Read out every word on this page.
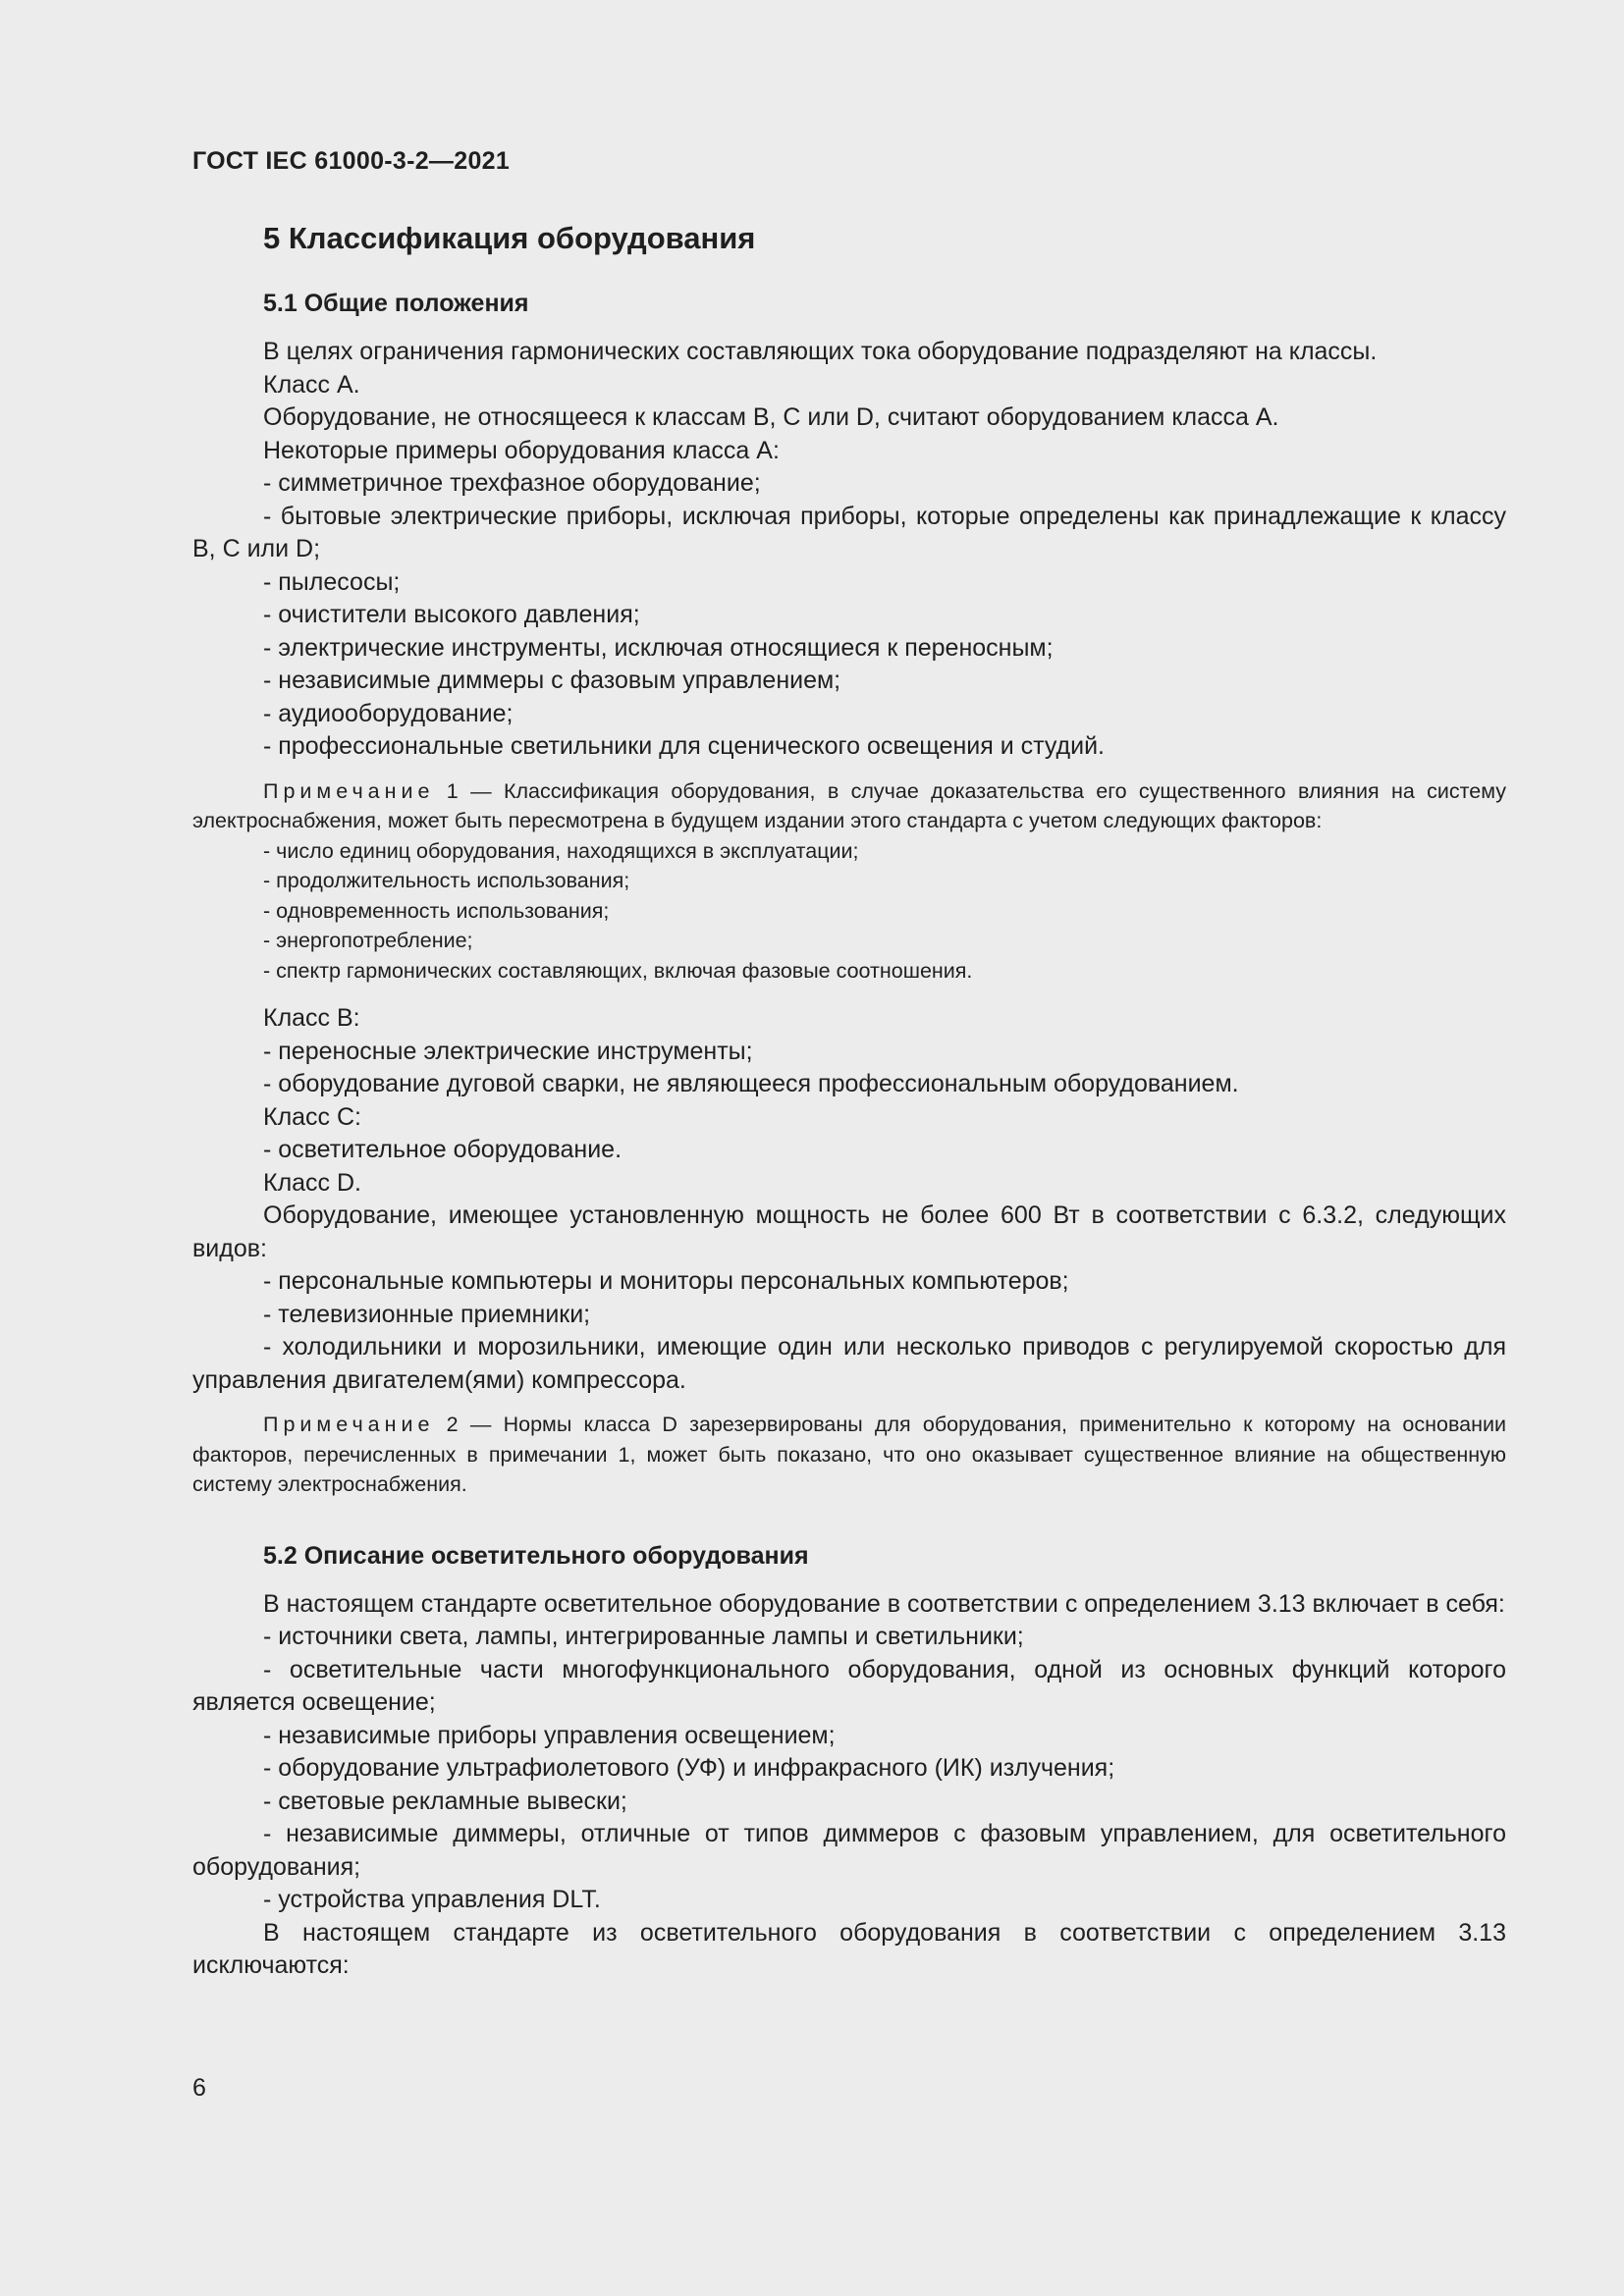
ГОСТ IEC 61000-3-2—2021
5 Классификация оборудования
5.1 Общие положения

В целях ограничения гармонических составляющих тока оборудование подразделяют на классы.

Класс А.

Оборудование, не относящееся к классам В, С или D, считают оборудованием класса А.

Некоторые примеры оборудования класса А:

- симметричное трехфазное оборудование;

- бытовые электрические приборы, исключая приборы, которые определены как принадлежащие к классу В, С или D;

- пылесосы;

- очистители высокого давления;

- электрические инструменты, исключая относящиеся к переносным;

- независимые диммеры с фазовым управлением;

- аудиооборудование;

- профессиональные светильники для сценического освещения и студий.

Примечание 1 — Классификация оборудования, в случае доказательства его существенного влияния на систему электроснабжения, может быть пересмотрена в будущем издании этого стандарта с учетом следующих факторов:

- число единиц оборудования, находящихся в эксплуатации;

- продолжительность использования;

- одновременность использования;

- энергопотребление;

- спектр гармонических составляющих, включая фазовые соотношения.

Класс В:

- переносные электрические инструменты;

- оборудование дуговой сварки, не являющееся профессиональным оборудованием.

Класс С:

- осветительное оборудование.

Класс D.

Оборудование, имеющее установленную мощность не более 600 Вт в соответствии с 6.3.2, следующих видов:

- персональные компьютеры и мониторы персональных компьютеров;

- телевизионные приемники;

- холодильники и морозильники, имеющие один или несколько приводов с регулируемой скоростью для управления двигателем(ями) компрессора.

Примечание 2 — Нормы класса D зарезервированы для оборудования, применительно к которому на основании факторов, перечисленных в примечании 1, может быть показано, что оно оказывает существенное влияние на общественную систему электроснабжения.

5.2 Описание осветительного оборудования

В настоящем стандарте осветительное оборудование в соответствии с определением 3.13 включает в себя:

- источники света, лампы, интегрированные лампы и светильники;

- осветительные части многофункционального оборудования, одной из основных функций которого является освещение;

- независимые приборы управления освещением;

- оборудование ультрафиолетового (УФ) и инфракрасного (ИК) излучения;

- световые рекламные вывески;

- независимые диммеры, отличные от типов диммеров с фазовым управлением, для осветительного оборудования;

- устройства управления DLT.

В настоящем стандарте из осветительного оборудования в соответствии с определением 3.13 исключаются:

6
